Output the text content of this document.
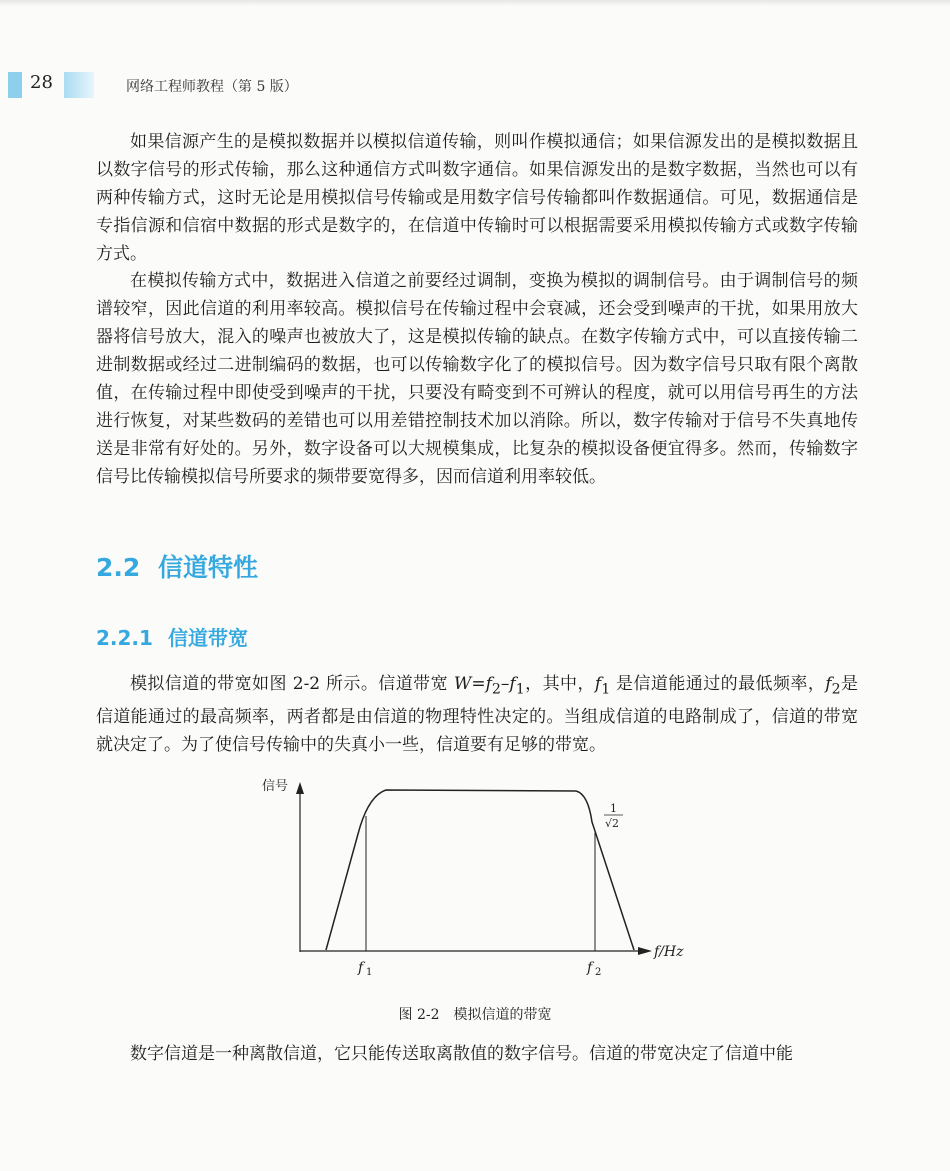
28	网络工程师教程（第 5 版）

如果信源产生的是模拟数据并以模拟信道传输，则叫作模拟通信；如果信源发出的是模拟数据且以数字信号的形式传输，那么这种通信方式叫数字通信。如果信源发出的是数字数据，当然也可以有两种传输方式，这时无论是用模拟信号传输或是用数字信号传输都叫作数据通信。可见，数据通信是专指信源和信宿中数据的形式是数字的，在信道中传输时可以根据需要采用模拟传输方式或数字传输方式。

在模拟传输方式中，数据进入信道之前要经过调制，变换为模拟的调制信号。由于调制信号的频谱较窄，因此信道的利用率较高。模拟信号在传输过程中会衰减，还会受到噪声的干扰，如果用放大器将信号放大，混入的噪声也被放大了，这是模拟传输的缺点。在数字传输方式中，可以直接传输二进制数据或经过二进制编码的数据，也可以传输数字化了的模拟信号。因为数字信号只取有限个离散值，在传输过程中即使受到噪声的干扰，只要没有畸变到不可辨认的程度，就可以用信号再生的方法进行恢复，对某些数码的差错也可以用差错控制技术加以消除。所以，数字传输对于信号不失真地传送是非常有好处的。另外，数字设备可以大规模集成，比复杂的模拟设备便宜得多。然而，传输数字信号比传输模拟信号所要求的频带要宽得多，因而信道利用率较低。

2.2 信道特性
2.2.1 信道带宽

模拟信道的带宽如图 2-2 所示。信道带宽 $W=f_2-f_1$，其中，$f_1$ 是信道能通过的最低频率，$f_2$是信道能通过的最高频率，两者都是由信道的物理特性决定的。当组成信道的电路制成了，信道的带宽就决定了。为了使信号传输中的失真小一些，信道要有足够的带宽。

信号
f/Hz
f 1	f 2
1
√2
图 2-2 模拟信道的带宽

数字信道是一种离散信道，它只能传送取离散值的数字信号。信道的带宽决定了信道中能
